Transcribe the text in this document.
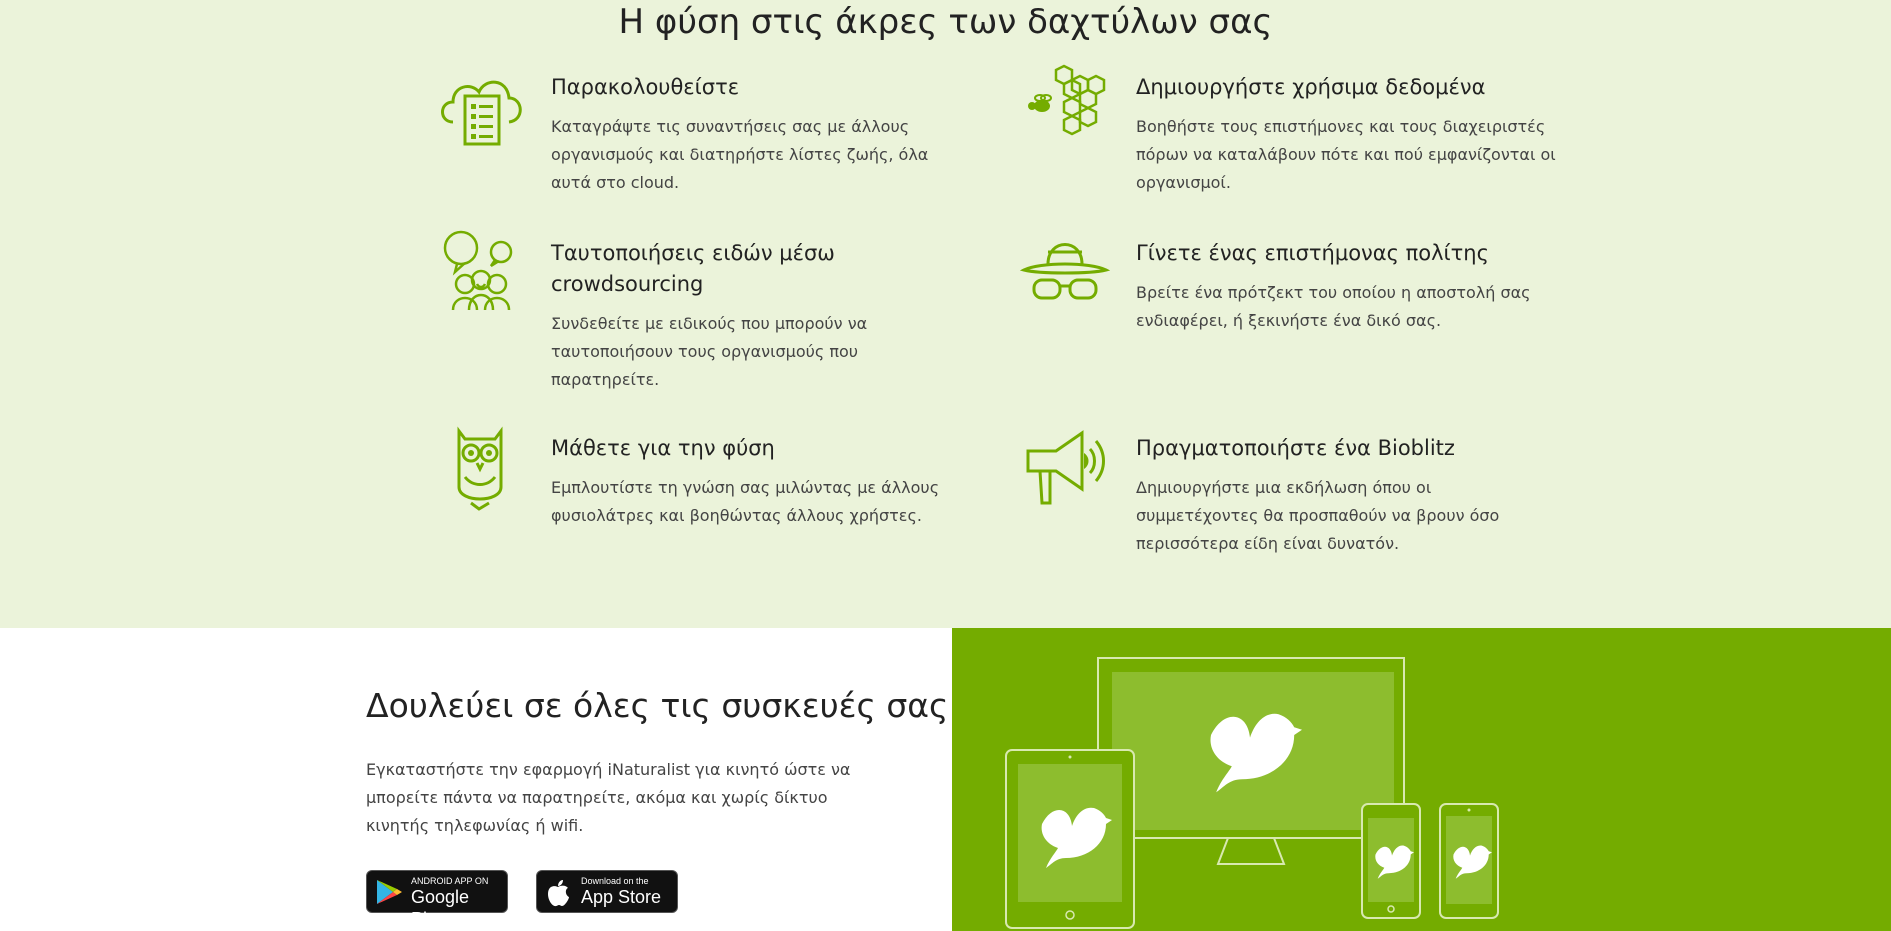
Η φύση στις άκρες των δαχτύλων σας
Παρακολουθείστε

Καταγράψτε τις συναντήσεις σας με άλλους οργανισμούς και διατηρήστε λίστες ζωής, όλα αυτά στο cloud.

Δημιουργήστε χρήσιμα δεδομένα

Βοηθήστε τους επιστήμονες και τους διαχειριστές πόρων να καταλάβουν πότε και πού εμφανίζονται οι οργανισμοί.

Ταυτοποιήσεις ειδών μέσω crowdsourcing

Συνδεθείτε με ειδικούς που μπορούν να ταυτοποιήσουν τους οργανισμούς που παρατηρείτε.

Γίνετε ένας επιστήμονας πολίτης

Βρείτε ένα πρότζεκτ του οποίου η αποστολή σας ενδιαφέρει, ή ξεκινήστε ένα δικό σας.

Μάθετε για την φύση

Εμπλουτίστε τη γνώση σας μιλώντας με άλλους φυσιολάτρες και βοηθώντας άλλους χρήστες.

Πραγματοποιήστε ένα Bioblitz

Δημιουργήστε μια εκδήλωση όπου οι συμμετέχοντες θα προσπαθούν να βρουν όσο περισσότερα είδη είναι δυνατόν.

Δουλεύει σε όλες τις συσκευές σας

Εγκαταστήστε την εφαρμογή iNaturalist για κινητό ώστε να μπορείτε πάντα να παρατηρείτε, ακόμα και χωρίς δίκτυο κινητής τηλεφωνίας ή wifi.

ANDROID APP ON
Google Play
Download on the
App Store
